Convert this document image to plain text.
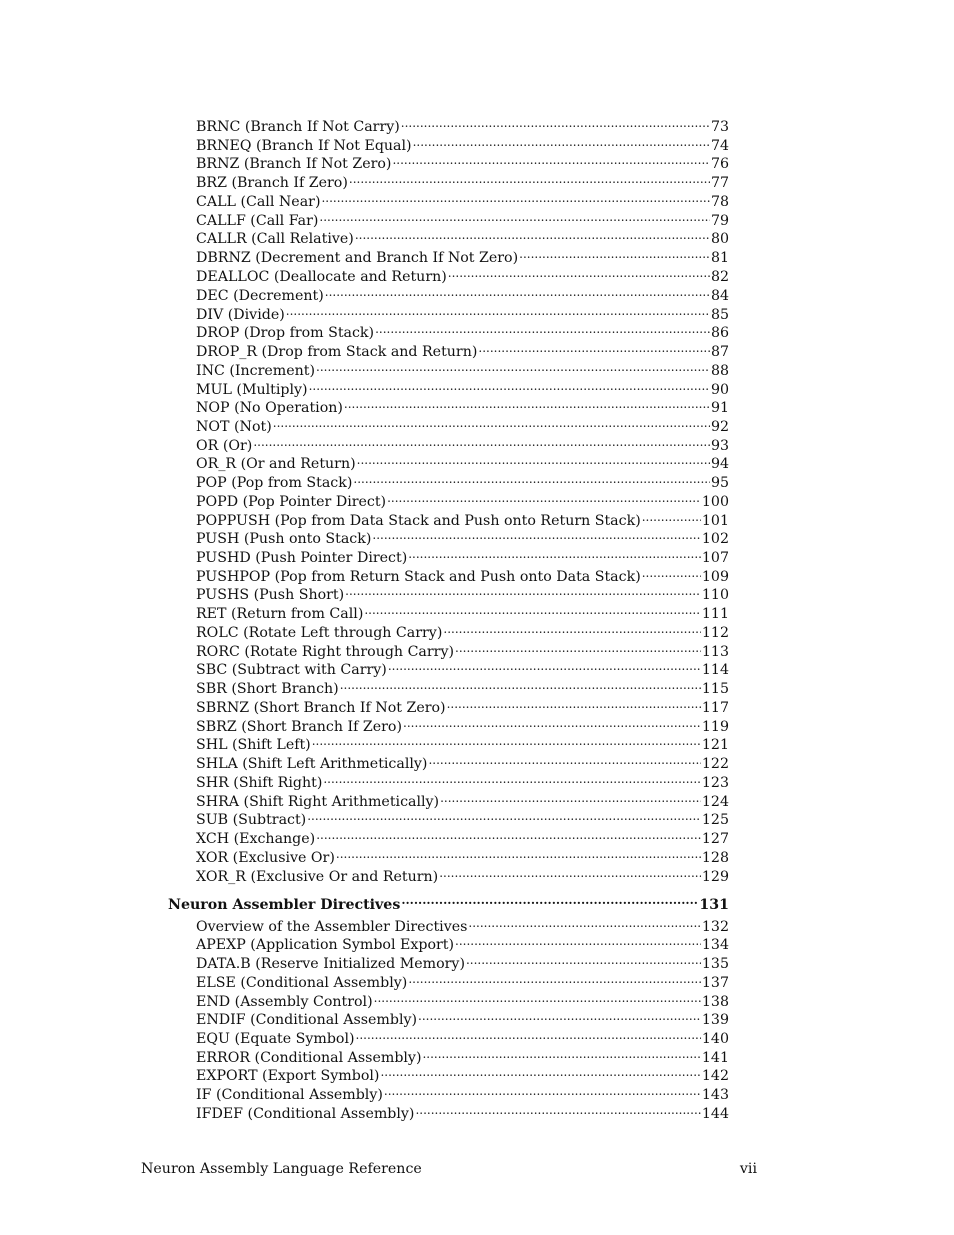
BRNC (Branch If Not Carry) .....	73
BRNEQ (Branch If Not Equal) .....	74
BRNZ (Branch If Not Zero) .....	76
BRZ (Branch If Zero) .....	77
CALL (Call Near) .....	78
CALLF (Call Far) .....	79
CALLR (Call Relative) .....	80
DBRNZ (Decrement and Branch If Not Zero) .....	81
DEALLOC (Deallocate and Return) .....	82
DEC (Decrement) .....	84
DIV (Divide) .....	85
DROP (Drop from Stack) .....	86
DROP_R (Drop from Stack and Return) .....	87
INC (Increment) .....	88
MUL (Multiply) .....	90
NOP (No Operation) .....	91
NOT (Not) .....	92
OR (Or) .....	93
OR_R (Or and Return) .....	94
POP (Pop from Stack) .....	95
POPD (Pop Pointer Direct) .....	100
POPPUSH (Pop from Data Stack and Push onto Return Stack) .....	101
PUSH (Push onto Stack) .....	102
PUSHD (Push Pointer Direct) .....	107
PUSHPOP (Pop from Return Stack and Push onto Data Stack) .....	109
PUSHS (Push Short) .....	110
RET (Return from Call) .....	111
ROLC (Rotate Left through Carry) .....	112
RORC (Rotate Right through Carry) .....	113
SBC (Subtract with Carry) .....	114
SBR (Short Branch) .....	115
SBRNZ (Short Branch If Not Zero) .....	117
SBRZ (Short Branch If Zero) .....	119
SHL (Shift Left) .....	121
SHLA (Shift Left Arithmetically) .....	122
SHR (Shift Right) .....	123
SHRA (Shift Right Arithmetically) .....	124
SUB (Subtract) .....	125
XCH (Exchange) .....	127
XOR (Exclusive Or) .....	128
XOR_R (Exclusive Or and Return) .....	129
Neuron Assembler Directives .....	131
Overview of the Assembler Directives .....	132
APEXP (Application Symbol Export) .....	134
DATA.B (Reserve Initialized Memory) .....	135
ELSE (Conditional Assembly) .....	137
END (Assembly Control) .....	138
ENDIF (Conditional Assembly) .....	139
EQU (Equate Symbol) .....	140
ERROR (Conditional Assembly) .....	141
EXPORT (Export Symbol) .....	142
IF (Conditional Assembly) .....	143
IFDEF (Conditional Assembly) .....	144
Neuron Assembly Language Reference	vii
